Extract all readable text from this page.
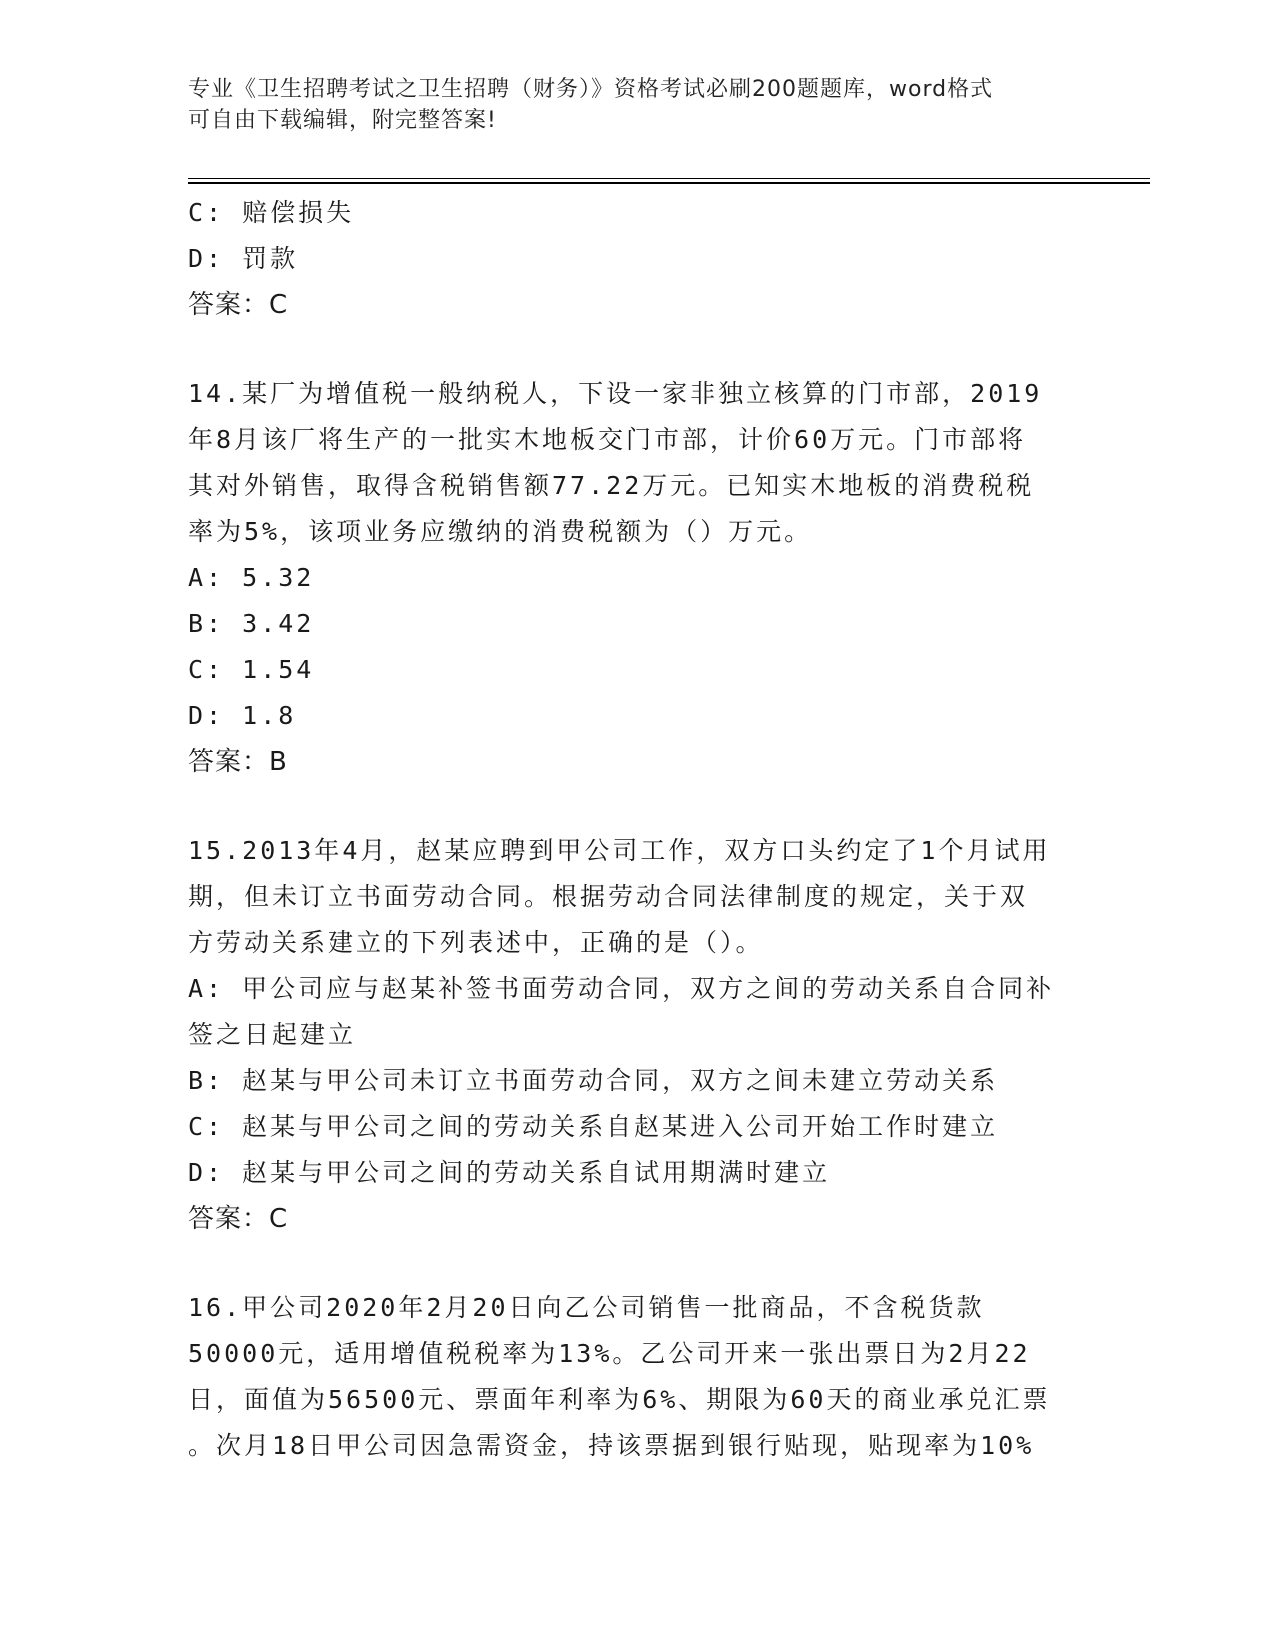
专业《卫生招聘考试之卫生招聘（财务）》资格考试必刷200题题库，word格式
可自由下载编辑，附完整答案!
C: 赔偿损失
D: 罚款
答案：C
14.某厂为增值税一般纳税人，下设一家非独立核算的门市部，2019
年8月该厂将生产的一批实木地板交门市部，计价60万元。门市部将
其对外销售，取得含税销售额77.22万元。已知实木地板的消费税税
率为5%，该项业务应缴纳的消费税额为（）万元。
A: 5.32
B: 3.42
C: 1.54
D: 1.8
答案：B
15.2013年4月，赵某应聘到甲公司工作，双方口头约定了1个月试用
期，但未订立书面劳动合同。根据劳动合同法律制度的规定，关于双
方劳动关系建立的下列表述中，正确的是（）。
A: 甲公司应与赵某补签书面劳动合同，双方之间的劳动关系自合同补
签之日起建立
B: 赵某与甲公司未订立书面劳动合同，双方之间未建立劳动关系
C: 赵某与甲公司之间的劳动关系自赵某进入公司开始工作时建立
D: 赵某与甲公司之间的劳动关系自试用期满时建立
答案：C
16.甲公司2020年2月20日向乙公司销售一批商品，不含税货款
50000元，适用增值税税率为13%。乙公司开来一张出票日为2月22
日，面值为56500元、票面年利率为6%、期限为60天的商业承兑汇票
。次月18日甲公司因急需资金，持该票据到银行贴现，贴现率为10%
